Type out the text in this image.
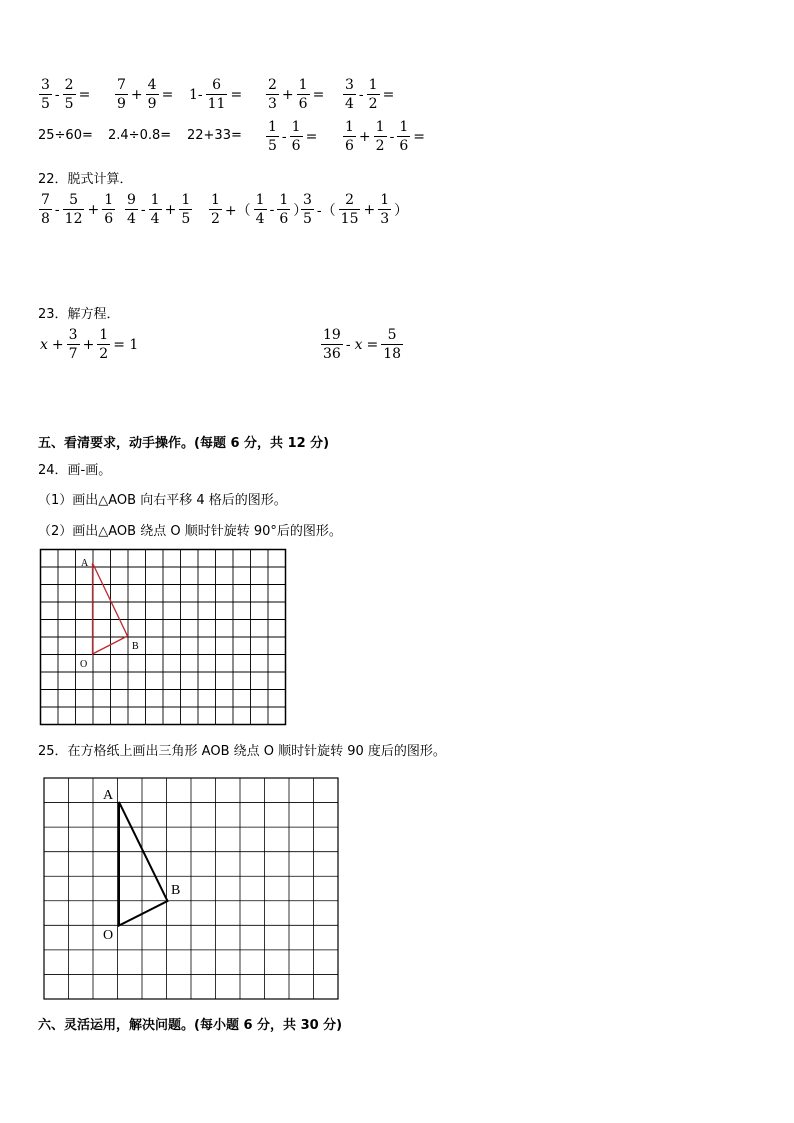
$\frac{3}{5} - \frac{2}{5} = \frac{7}{9} + \frac{4}{9} = 1- \frac{6}{11} = \frac{2}{3} + \frac{1}{6} = \frac{3}{4} - \frac{1}{2}$ =
$25\div 60= 2.4\div 0.8= 22+33= \frac{1}{5} - \frac{1}{6} = \frac{1}{6} + \frac{1}{2} - \frac{1}{6}$ =
22．脱式计算．
$\frac{7}{8} - \frac{5}{12} + \frac{1}{6} \frac{9}{4} - \frac{1}{4} + \frac{1}{5} \frac{1}{2}$ +（ $\frac{1}{4} - \frac{1}{6}$ ）
$\frac{3}{5}$ -（ $\frac{2}{15} + \frac{1}{3}$ ）
23．解方程．
$x + \frac{3}{7} + \frac{1}{2} = 1$	$\frac{19}{36} - x = \frac{5}{18}$
五、看清要求，动手操作。(每题 6 分，共 12 分)
24．画-画。
（1）画出△AOB 向右平移 4 格后的图形。
（2）画出△AOB 绕点 O 顺时针旋转 90°后的图形。
A
B
O
25．在方格纸上画出三角形 AOB 绕点 O 顺时针旋转 90 度后的图形。
A
B
O
六、灵活运用，解决问题。(每小题 6 分，共 30 分)
